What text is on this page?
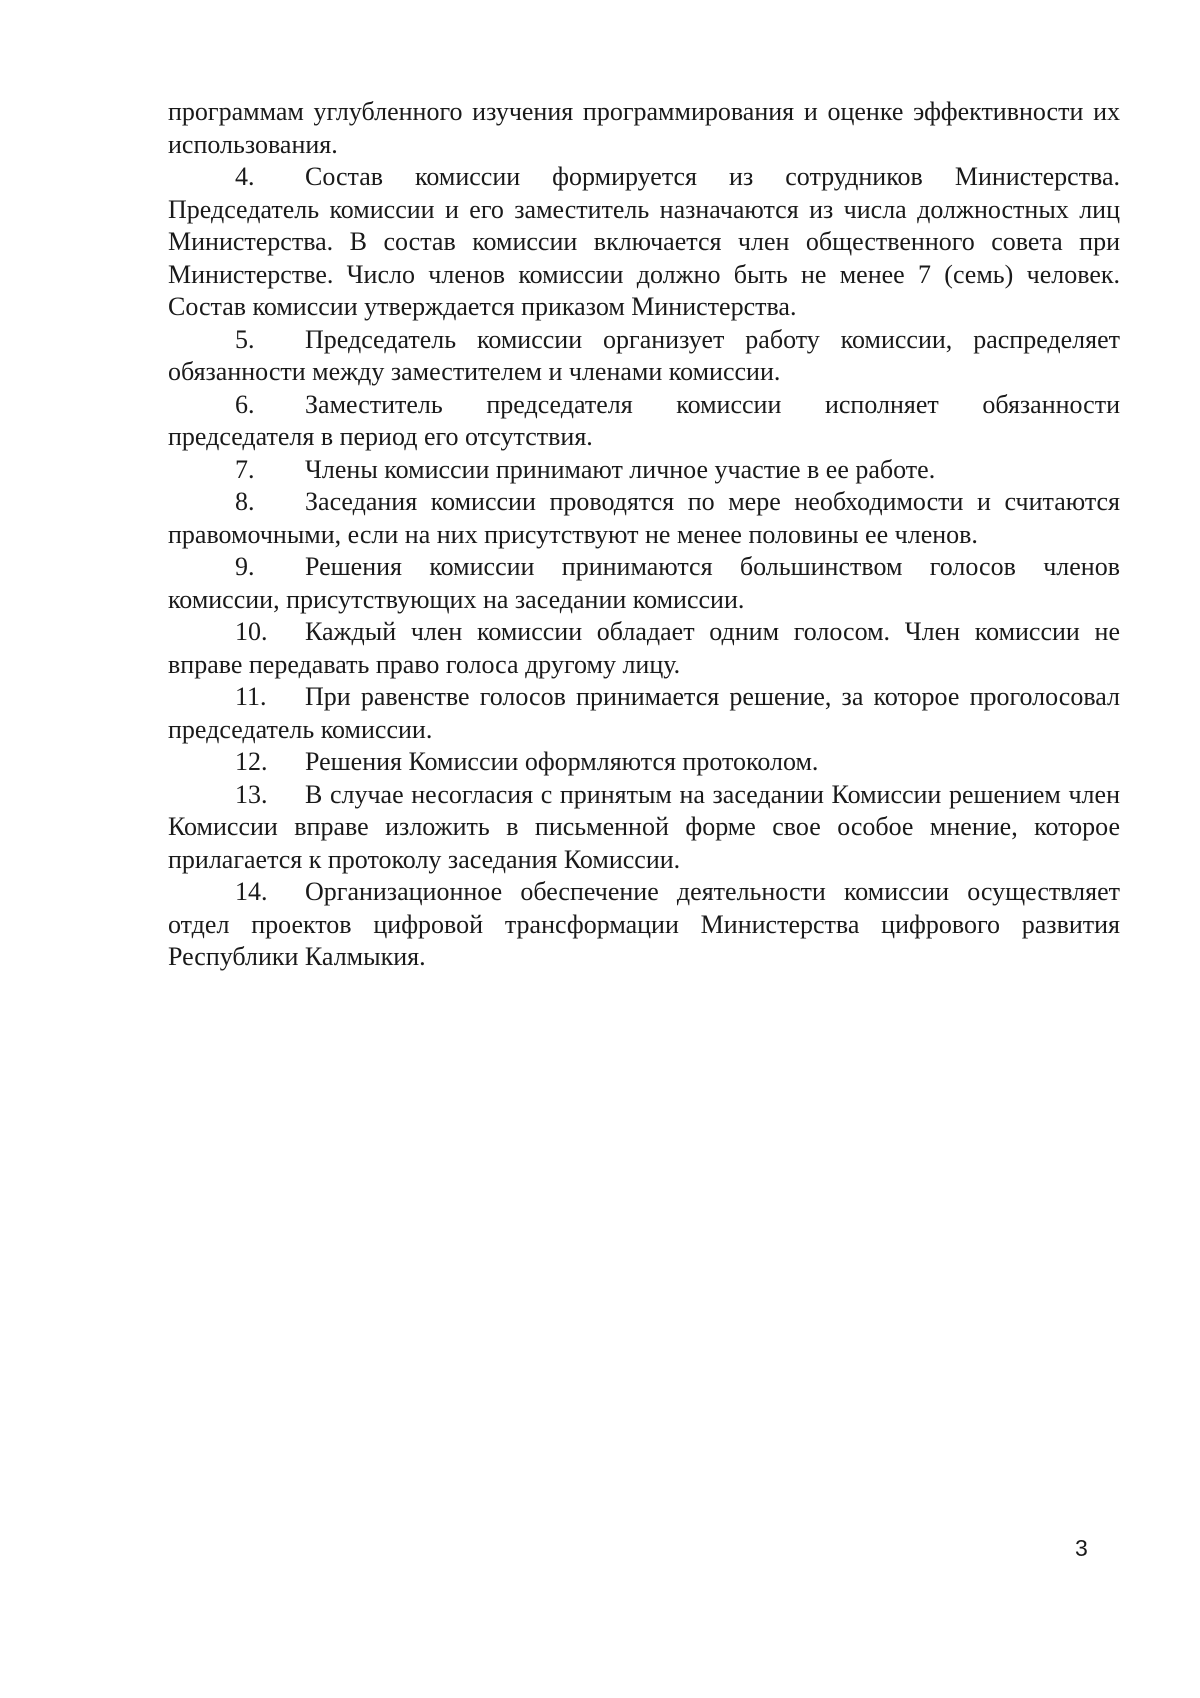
программам углубленного изучения программирования и оценке эффективности их использования.

4. Состав комиссии формируется из сотрудников Министерства. Председатель комиссии и его заместитель назначаются из числа должностных лиц Министерства. В состав комиссии включается член общественного совета при Министерстве. Число членов комиссии должно быть не менее 7 (семь) человек. Состав комиссии утверждается приказом Министерства.

5. Председатель комиссии организует работу комиссии, распределяет обязанности между заместителем и членами комиссии.

6. Заместитель председателя комиссии исполняет обязанности председателя в период его отсутствия.

7. Члены комиссии принимают личное участие в ее работе.

8. Заседания комиссии проводятся по мере необходимости и считаются правомочными, если на них присутствуют не менее половины ее членов.

9. Решения комиссии принимаются большинством голосов членов комиссии, присутствующих на заседании комиссии.

10. Каждый член комиссии обладает одним голосом. Член комиссии не вправе передавать право голоса другому лицу.

11. При равенстве голосов принимается решение, за которое проголосовал председатель комиссии.

12. Решения Комиссии оформляются протоколом.

13. В случае несогласия с принятым на заседании Комиссии решением член Комиссии вправе изложить в письменной форме свое особое мнение, которое прилагается к протоколу заседания Комиссии.

14. Организационное обеспечение деятельности комиссии осуществляет отдел проектов цифровой трансформации Министерства цифрового развития Республики Калмыкия.

3
